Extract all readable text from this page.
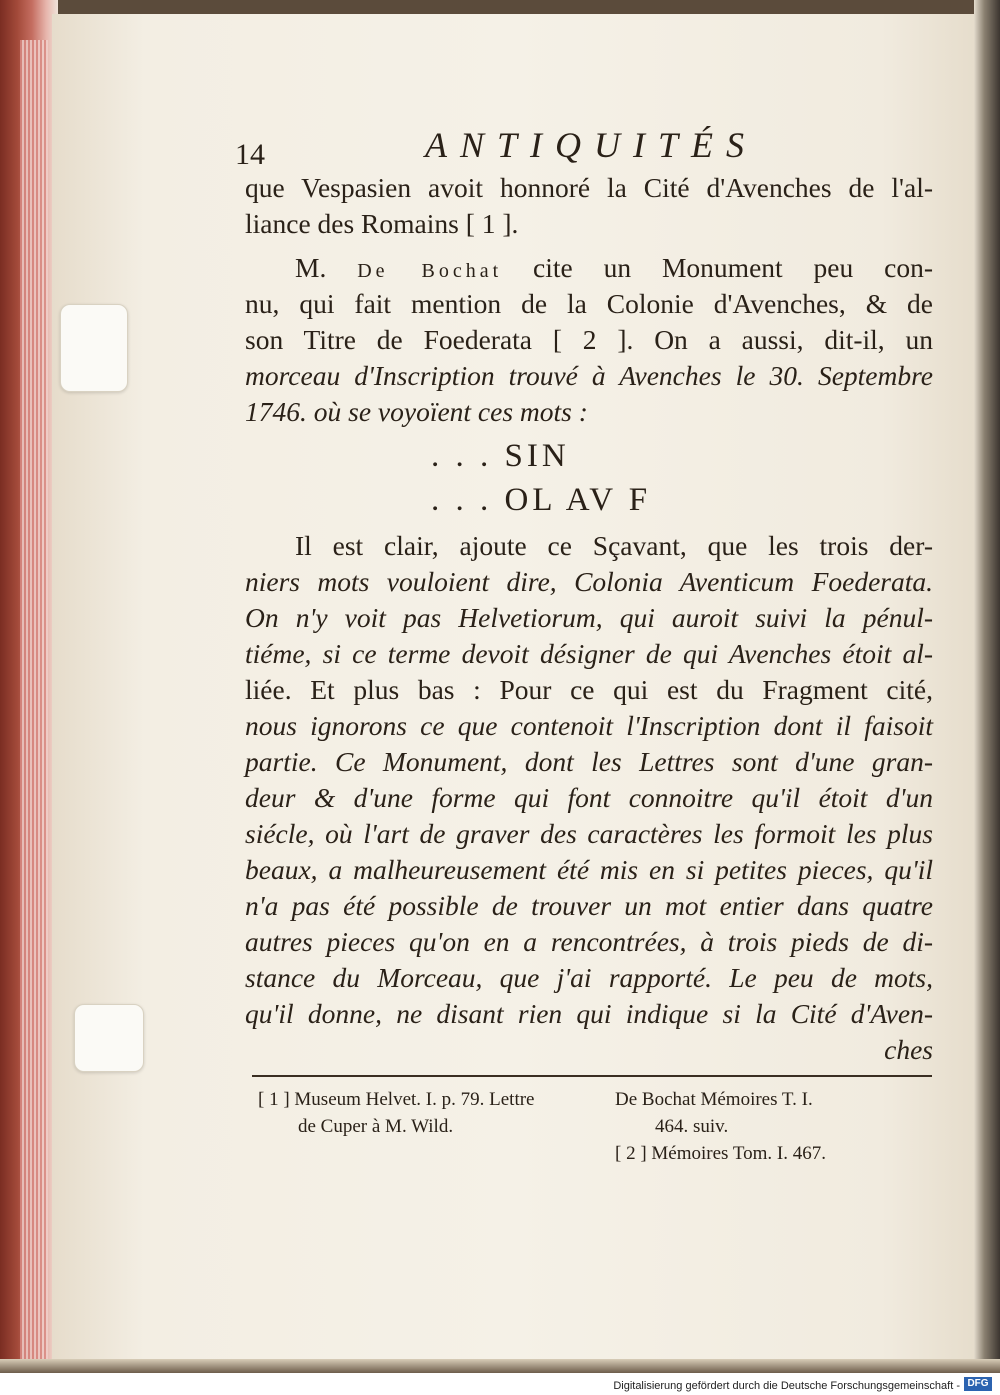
14	ANTIQUITÉS
que Vespasien avoit honnoré la Cité d'Avenches de l'al-
liance des Romains [ 1 ].
M. De Bochat cite un Monument peu con-
nu, qui fait mention de la Colonie d'Avenches, & de
son Titre de Foederata [ 2 ]. On a aussi, dit-il, un
morceau d'Inscription trouvé à Avenches le 30. Septembre
1746. où se voyoïent ces mots :
. . . SIN
. . . OL AV F
Il est clair, ajoute ce Sçavant, que les trois der-
niers mots vouloient dire, Colonia Aventicum Foederata.
On n'y voit pas Helvetiorum, qui auroit suivi la pénul-
tiéme, si ce terme devoit désigner de qui Avenches étoit al-
liée. Et plus bas : Pour ce qui est du Fragment cité,
nous ignorons ce que contenoit l'Inscription dont il faisoit
partie. Ce Monument, dont les Lettres sont d'une gran-
deur & d'une forme qui font connoitre qu'il étoit d'un
siécle, où l'art de graver des caractères les formoit les plus
beaux, a malheureusement été mis en si petites pieces, qu'il
n'a pas été possible de trouver un mot entier dans quatre
autres pieces qu'on en a rencontrées, à trois pieds de di-
stance du Morceau, que j'ai rapporté. Le peu de mots,
qu'il donne, ne disant rien qui indique si la Cité d'Aven-
ches
[ 1 ] Museum Helvet. I. p. 79. Lettre
de Cuper à M. Wild.
De Bochat Mémoires T. I.
464. suiv.
[ 2 ] Mémoires Tom. I. 467.
Digitalisierung gefördert durch die Deutsche Forschungsgemeinschaft - DFG
